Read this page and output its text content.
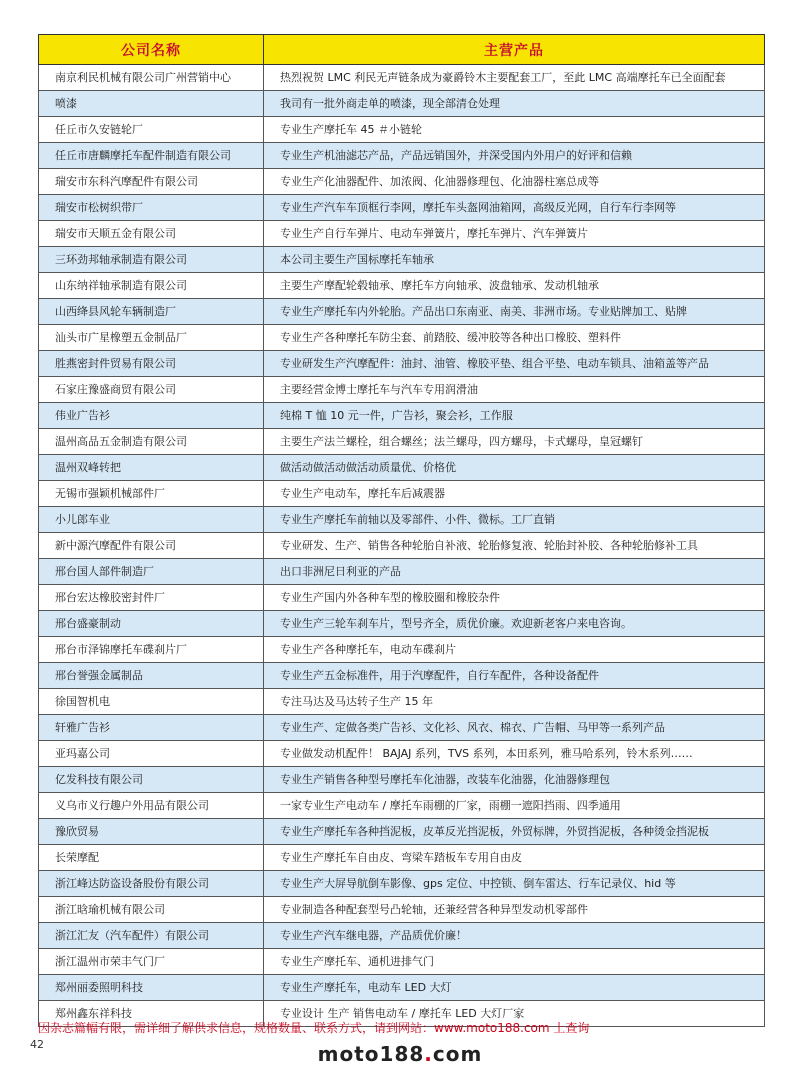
公司名称	主营产品
南京利民机械有限公司广州营销中心	热烈祝贺 LMC 利民无声链条成为豪爵铃木主要配套工厂，至此 LMC 高端摩托车已全面配套
喷漆	我司有一批外商走单的喷漆，现全部清仓处理
任丘市久安链轮厂	专业生产摩托车 45 ＃小链轮
任丘市唐麟摩托车配件制造有限公司	专业生产机油滤芯产品，产品远销国外，并深受国内外用户的好评和信赖
瑞安市东科汽摩配件有限公司	专业生产化油器配件、加浓阀、化油器修理包、化油器柱塞总成等
瑞安市松树织带厂	专业生产汽车车顶框行李网，摩托车头盔网油箱网，高级反光网，自行车行李网等
瑞安市天顺五金有限公司	专业生产自行车弹片、电动车弹簧片，摩托车弹片、汽车弹簧片
三环劲邦轴承制造有限公司	本公司主要生产国标摩托车轴承
山东纳祥轴承制造有限公司	主要生产摩配轮毂轴承、摩托车方向轴承、波盘轴承、发动机轴承
山西绛县风轮车辆制造厂	专业生产摩托车内外轮胎。产品出口东南亚、南美、非洲市场。专业贴牌加工、贴牌
汕头市广星橡塑五金制品厂	专业生产各种摩托车防尘套、前踏胶、缓冲胶等各种出口橡胶、塑料件
胜燕密封件贸易有限公司	专业研发生产汽摩配件：油封、油管、橡胶平垫、组合平垫、电动车锁具、油箱盖等产品
石家庄豫盛商贸有限公司	主要经营金博士摩托车与汽车专用润滑油
伟业广告衫	纯棉 T 恤 10 元一件，广告衫，聚会衫，工作服
温州高品五金制造有限公司	主要生产法兰螺栓，组合螺丝；法兰螺母，四方螺母，卡式螺母，皇冠螺钉
温州双峰转把	做活动做活动做活动质量优、价格优
无锡市强颖机械部件厂	专业生产电动车，摩托车后减震器
小儿郎车业	专业生产摩托车前轴以及零部件、小件、微标。工厂直销
新中源汽摩配件有限公司	专业研发、生产、销售各种轮胎自补液、轮胎修复液、轮胎封补胶、各种轮胎修补工具
邢台国人部件制造厂	出口非洲尼日利亚的产品
邢台宏达橡胶密封件厂	专业生产国内外各种车型的橡胶圈和橡胶杂件
邢台盛豪制动	专业生产三轮车刹车片，型号齐全，质优价廉。欢迎新老客户来电咨询。
邢台市泽锦摩托车碟刹片厂	专业生产各种摩托车，电动车碟刹片
邢台誉强金属制品	专业生产五金标准件，用于汽摩配件，自行车配件，各种设备配件
徐国智机电	专注马达及马达转子生产 15 年
轩雅广告衫	专业生产、定做各类广告衫、文化衫、风衣、棉衣、广告帽、马甲等一系列产品
亚玛嘉公司	专业做发动机配件！ BAJAJ 系列，TVS 系列，本田系列，雅马哈系列，铃木系列……
亿发科技有限公司	专业生产销售各种型号摩托车化油器，改装车化油器，化油器修理包
义乌市义行趣户外用品有限公司	一家专业生产电动车 / 摩托车雨棚的厂家，雨棚一遮阳挡雨、四季通用
豫欣贸易	专业生产摩托车各种挡泥板，皮革反光挡泥板，外贸标牌，外贸挡泥板，各种烫金挡泥板
长荣摩配	专业生产摩托车自由皮、弯梁车踏板车专用自由皮
浙江峰达防盗设备股份有限公司	专业生产大屏导航倒车影像、gps 定位、中控锁、倒车雷达、行车记录仪、hid 等
浙江晗瑜机械有限公司	专业制造各种配套型号凸轮轴，还兼经营各种异型发动机零部件
浙江汇友（汽车配件）有限公司	专业生产汽车继电器，产品质优价廉！
浙江温州市荣丰气门厂	专业生产摩托车、通机进排气门
郑州丽委照明科技	专业生产摩托车，电动车 LED 大灯
郑州鑫东祥科技	专业设计 生产 销售电动车 / 摩托车 LED 大灯厂家
因杂志篇幅有限，需详细了解供求信息，规格数量、联系方式，请到网站：www.moto188.com 上查询
42	moto188.com
